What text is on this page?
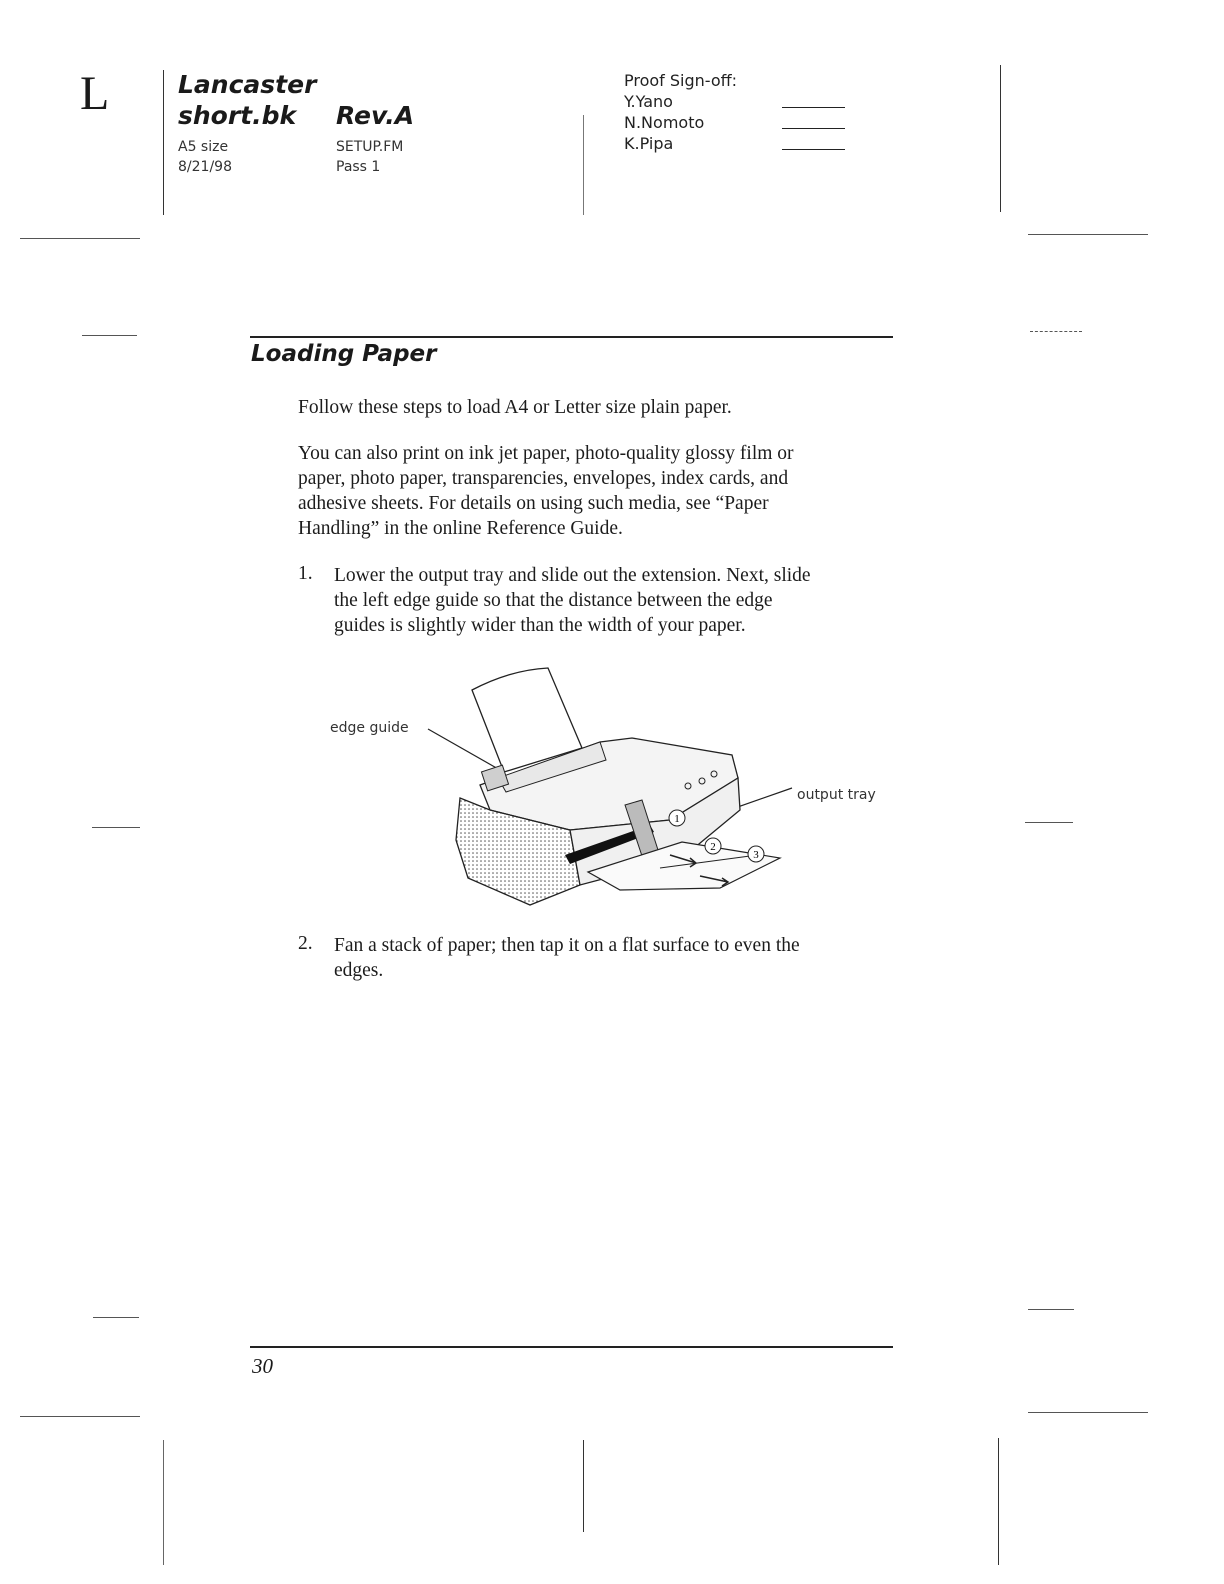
L	Lancaster
short.bk Rev.A
A5 size
8/21/98
SETUP.FM
Pass 1
Proof Sign-off:
Y.Yano
N.Nomoto
K.Pipa
Loading Paper
Follow these steps to load A4 or Letter size plain paper.
You can also print on ink jet paper, photo-quality glossy film or
paper, photo paper, transparencies, envelopes, index cards, and
adhesive sheets. For details on using such media, see “Paper
Handling” in the online Reference Guide.
1. Lower the output tray and slide out the extension. Next, slide
the left edge guide so that the distance between the edge
guides is slightly wider than the width of your paper.
edge guide
output tray
1
2
3
2. Fan a stack of paper; then tap it on a flat surface to even the
edges.
30
